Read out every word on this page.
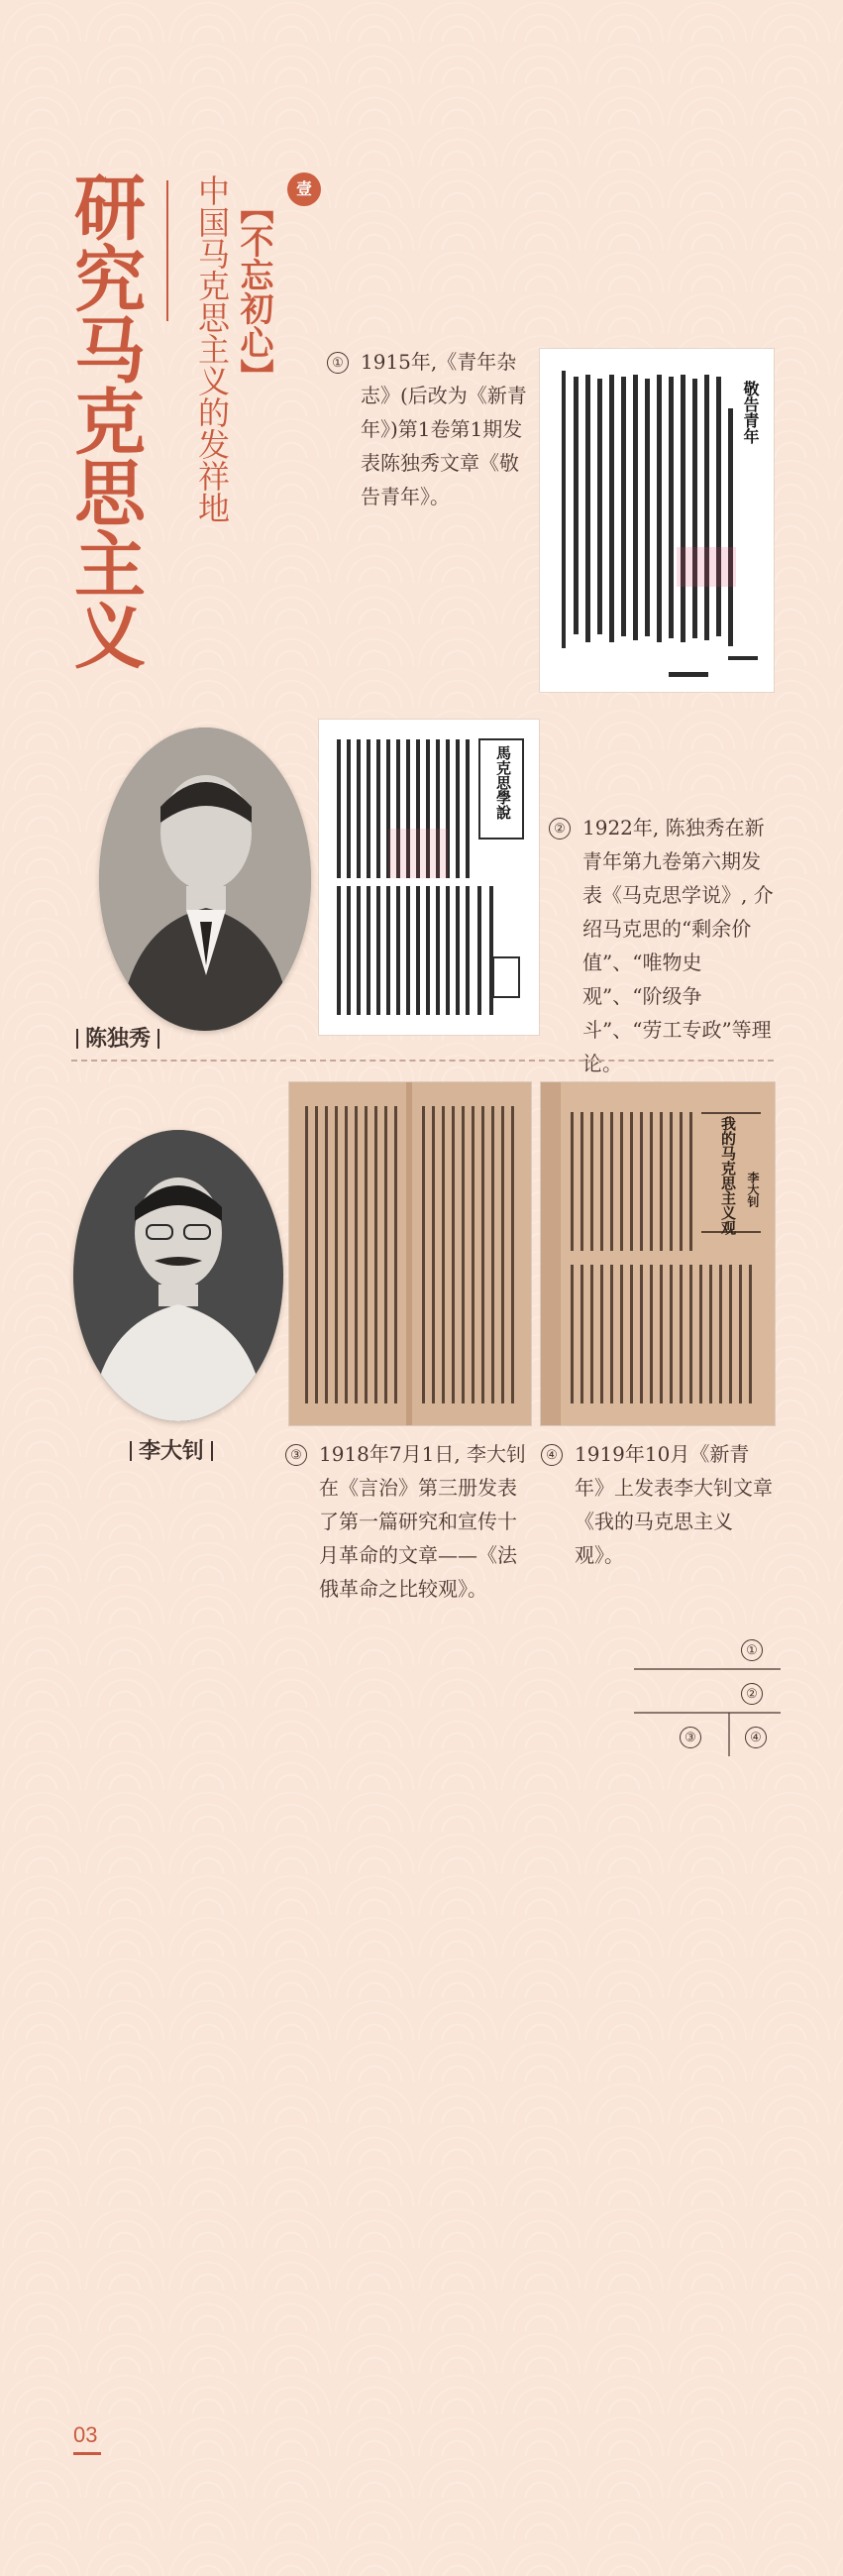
研究马克思主义 中国马克思主义的发祥地 【不忘初心】

壹
① 1915年,《青年杂志》(后改为《新青年》)第1卷第1期发表陈独秀文章《敬告青年》。

敬告青年
馬克思學說
② 1922年, 陈独秀在新青年第九卷第六期发表《马克思学说》, 介绍马克思的“剩余价值”、“唯物史观”、“阶级争斗”、“劳工专政”等理论。

陈独秀

我的马克思主义观 李大钊

李大钊	③ 1918年7月1日, 李大钊在《言治》第三册发表了第一篇研究和宣传十月革命的文章——《法俄革命之比较观》。

④ 1919年10月《新青年》上发表李大钊文章《我的马克思主义观》。

①
②
③	④

03
